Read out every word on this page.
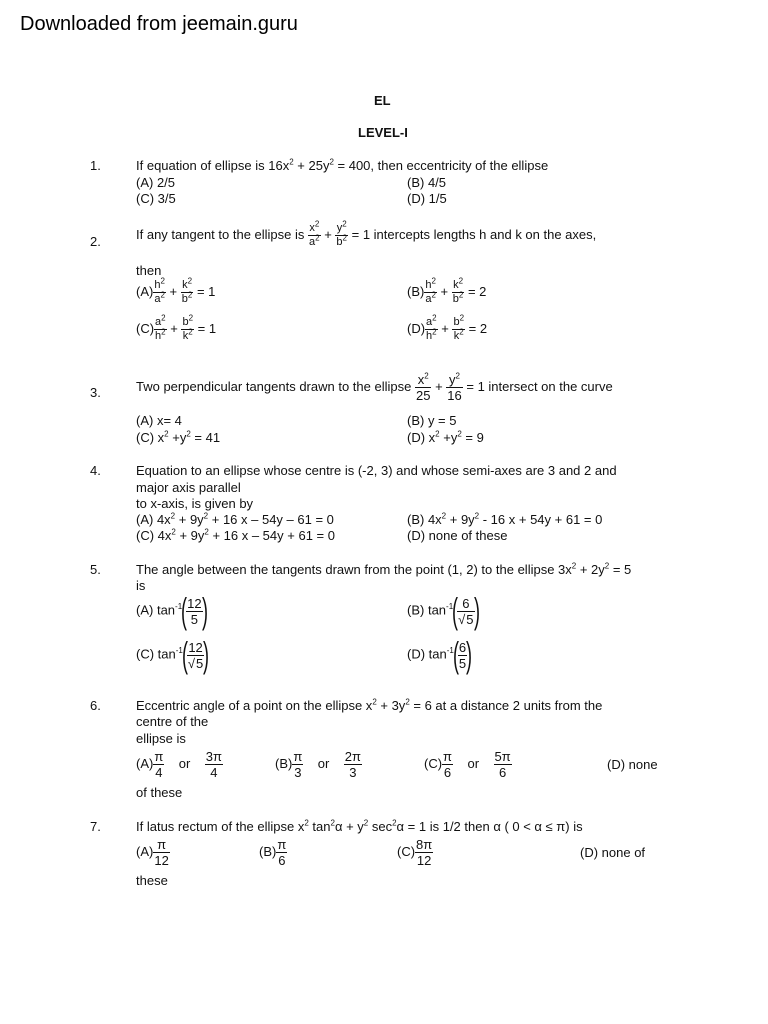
Downloaded from jeemain.guru
EL
LEVEL-I
1.	If equation of ellipse is $16x^2 + 25y^2 = 400$, then eccentricity of the ellipse
(A) 2/5	(B) 4/5
(C) 3/5	(D) 1/5
2.	If any tangent to the ellipse is $\frac{x^2}{a^2} + \frac{y^2}{b^2} = 1$ intercepts lengths h and k on the axes,
then
$(A) \frac{h^2}{a^2} + \frac{k^2}{b^2} = 1$	$(B) \frac{h^2}{a^2} + \frac{k^2}{b^2} = 2$
$(C) \frac{a^2}{h^2} + \frac{b^2}{k^2} = 1$	$(D) \frac{a^2}{h^2} + \frac{b^2}{k^2} = 2$
3.	Two perpendicular tangents drawn to the ellipse $\frac{x^2}{25} + \frac{y^2}{16} = 1$ intersect on the curve
(A) x= 4	(B) y = 5
(C) $x^2 +y^2 = 41$	(D) $x^2 +y^2 = 9$
4.	Equation to an ellipse whose centre is (-2, 3) and whose semi-axes are 3 and 2 and
major axis parallel
to x-axis, is given by
(A) $4x^2 + 9y^2 + 16$ x – 54y – 61 = 0	(B) $4x^2 + 9y^2 - 16$ x + 54y + 61 = 0
(C) $4x^2 + 9y^2 + 16$ x – 54y + 61 = 0	(D) none of these
5.	The angle between the tangents drawn from the point (1, 2) to the ellipse $3x^2 + 2y^2 = 5$
is
(A) $\tan^{-1}( \frac{12}{5}$ )	(B) $\tan^{-1}( \frac{6}{√5}$ )
(C) $\tan^{-1}( \frac{12}{√5}$ )	(D) $\tan^{-1}( \frac{6}{5}$ )
6.	Eccentric angle of a point on the ellipse $x^2 + 3y^2 = 6$ at a distance 2 units from the
centre of the
ellipse is
$(A) \frac{\pi}{4}$ or $\frac{3\pi}{4}$	$(B) \frac{\pi}{3}$ or $\frac{2\pi}{3}$	$(C) \frac{\pi}{6}$ or $\frac{5\pi}{6}$	(D) none
of these
7.	If latus rectum of the ellipse $x^2$ $\tan^2\alpha + y^2$ $\sec^2\alpha = 1$ is 1/2 then α ( 0 < α ≤ π) is
$(A) \frac{\pi}{12}$	$(B) \frac{\pi}{6}$	$(C) \frac{8\pi}{12}$	(D) none of
these
